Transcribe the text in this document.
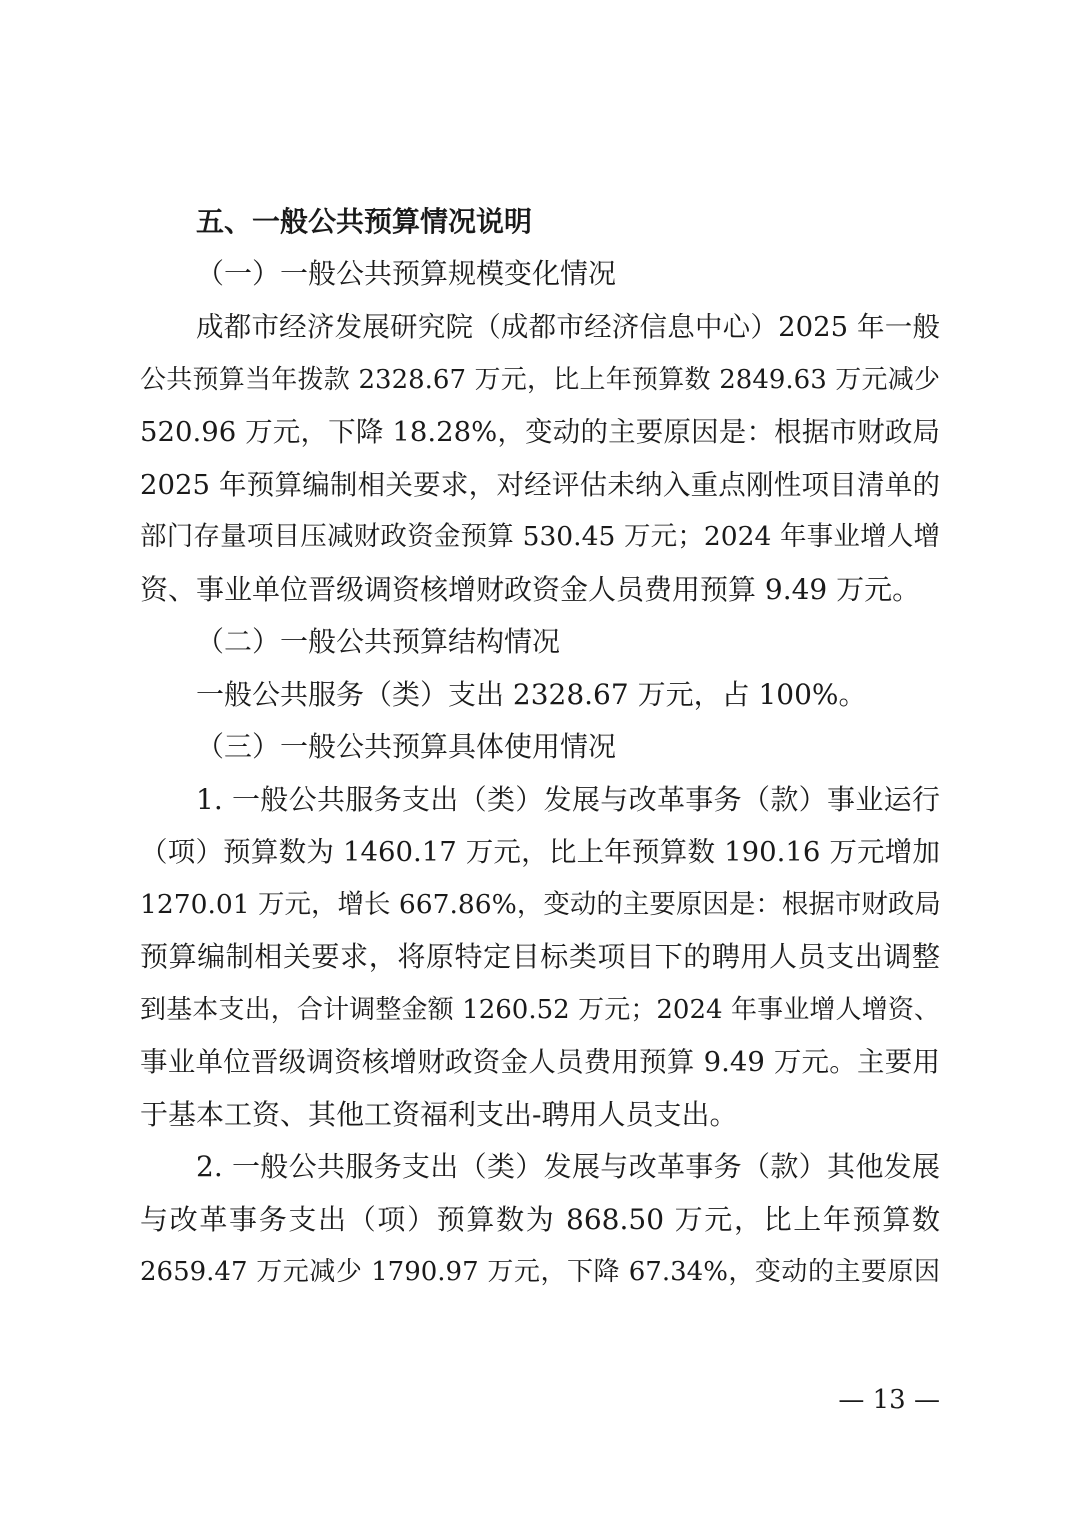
五、一般公共预算情况说明
（一）一般公共预算规模变化情况
成都市经济发展研究院（成都市经济信息中心）2025 年一般
公共预算当年拨款 2328.67 万元，比上年预算数 2849.63 万元减少
520.96 万元，下降 18.28%，变动的主要原因是：根据市财政局
2025 年预算编制相关要求，对经评估未纳入重点刚性项目清单的
部门存量项目压减财政资金预算 530.45 万元；2024 年事业增人增
资、事业单位晋级调资核增财政资金人员费用预算 9.49 万元。
（二）一般公共预算结构情况
一般公共服务（类）支出 2328.67 万元，占 100%。
（三）一般公共预算具体使用情况
1. 一般公共服务支出（类）发展与改革事务（款）事业运行
（项）预算数为 1460.17 万元，比上年预算数 190.16 万元增加
1270.01 万元，增长 667.86%，变动的主要原因是：根据市财政局
预算编制相关要求，将原特定目标类项目下的聘用人员支出调整
到基本支出，合计调整金额 1260.52 万元；2024 年事业增人增资、
事业单位晋级调资核增财政资金人员费用预算 9.49 万元。主要用
于基本工资、其他工资福利支出-聘用人员支出。
2. 一般公共服务支出（类）发展与改革事务（款）其他发展
与改革事务支出（项）预算数为 868.50 万元，比上年预算数
2659.47 万元减少 1790.97 万元，下降 67.34%，变动的主要原因
— 13 —
